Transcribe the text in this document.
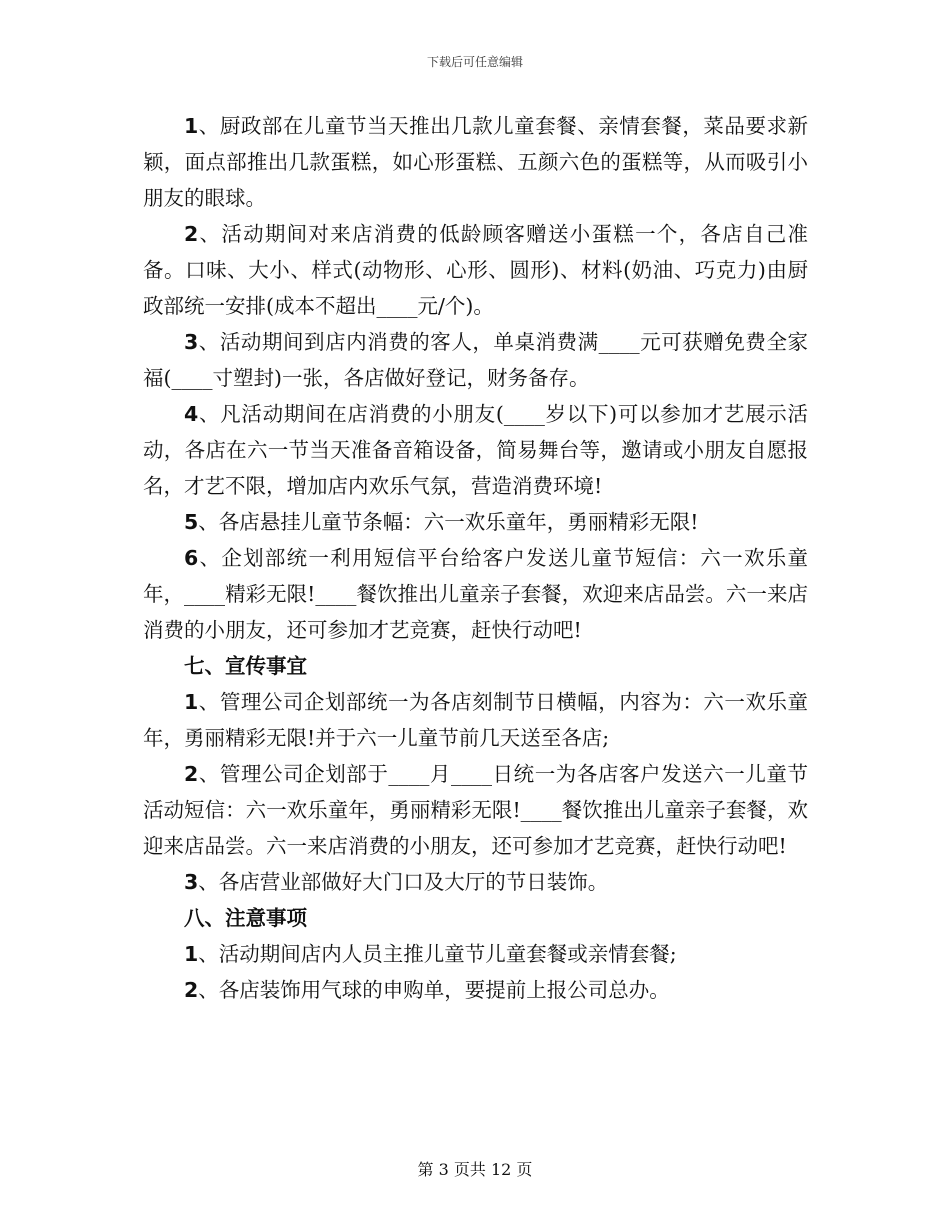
下载后可任意编辑

1、厨政部在儿童节当天推出几款儿童套餐、亲情套餐，菜品要求新颖，面点部推出几款蛋糕，如心形蛋糕、五颜六色的蛋糕等，从而吸引小朋友的眼球。

2、活动期间对来店消费的低龄顾客赠送小蛋糕一个，各店自己准备。口味、大小、样式(动物形、心形、圆形)、材料(奶油、巧克力)由厨政部统一安排(成本不超出____元/个)。

3、活动期间到店内消费的客人，单桌消费满____元可获赠免费全家福(____寸塑封)一张，各店做好登记，财务备存。

4、凡活动期间在店消费的小朋友(____岁以下)可以参加才艺展示活动，各店在六一节当天准备音箱设备，简易舞台等，邀请或小朋友自愿报名，才艺不限，增加店内欢乐气氛，营造消费环境!

5、各店悬挂儿童节条幅：六一欢乐童年，勇丽精彩无限!

6、企划部统一利用短信平台给客户发送儿童节短信：六一欢乐童年，____精彩无限!____餐饮推出儿童亲子套餐，欢迎来店品尝。六一来店消费的小朋友，还可参加才艺竞赛，赶快行动吧!

七、宣传事宜

1、管理公司企划部统一为各店刻制节日横幅，内容为：六一欢乐童年，勇丽精彩无限!并于六一儿童节前几天送至各店;

2、管理公司企划部于____月____日统一为各店客户发送六一儿童节活动短信：六一欢乐童年，勇丽精彩无限!____餐饮推出儿童亲子套餐，欢迎来店品尝。六一来店消费的小朋友，还可参加才艺竞赛，赶快行动吧!

3、各店营业部做好大门口及大厅的节日装饰。

八、注意事项

1、活动期间店内人员主推儿童节儿童套餐或亲情套餐;

2、各店装饰用气球的申购单，要提前上报公司总办。

第 3 页共 12 页
